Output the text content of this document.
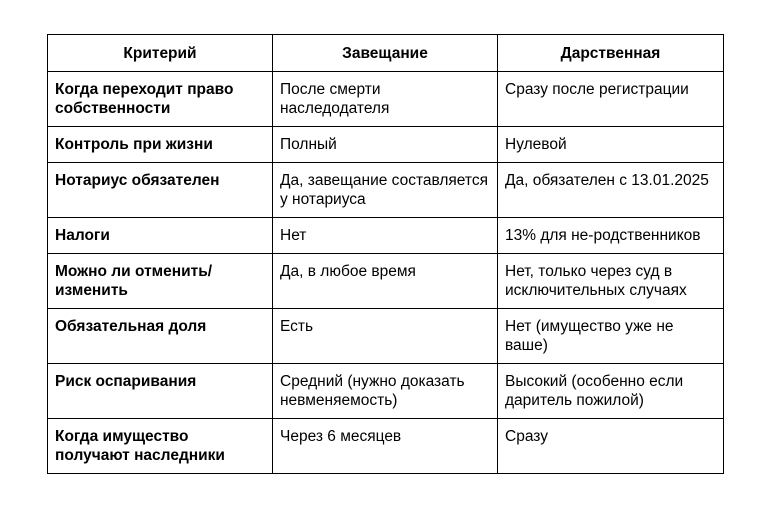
Критерий	Завещание	Дарственная
Когда переходит право собственности	После смерти наследодателя	Сразу после регистрации
Контроль при жизни	Полный	Нулевой
Нотариус обязателен	Да, завещание составляется у нотариуса	Да, обязателен с 13.01.2025
Налоги	Нет	13% для не-родственников
Можно ли отменить/изменить	Да, в любое время	Нет, только через суд в исключительных случаях
Обязательная доля	Есть	Нет (имущество уже не ваше)
Риск оспаривания	Средний (нужно доказать невменяемость)	Высокий (особенно если даритель пожилой)
Когда имущество получают наследники	Через 6 месяцев	Сразу
